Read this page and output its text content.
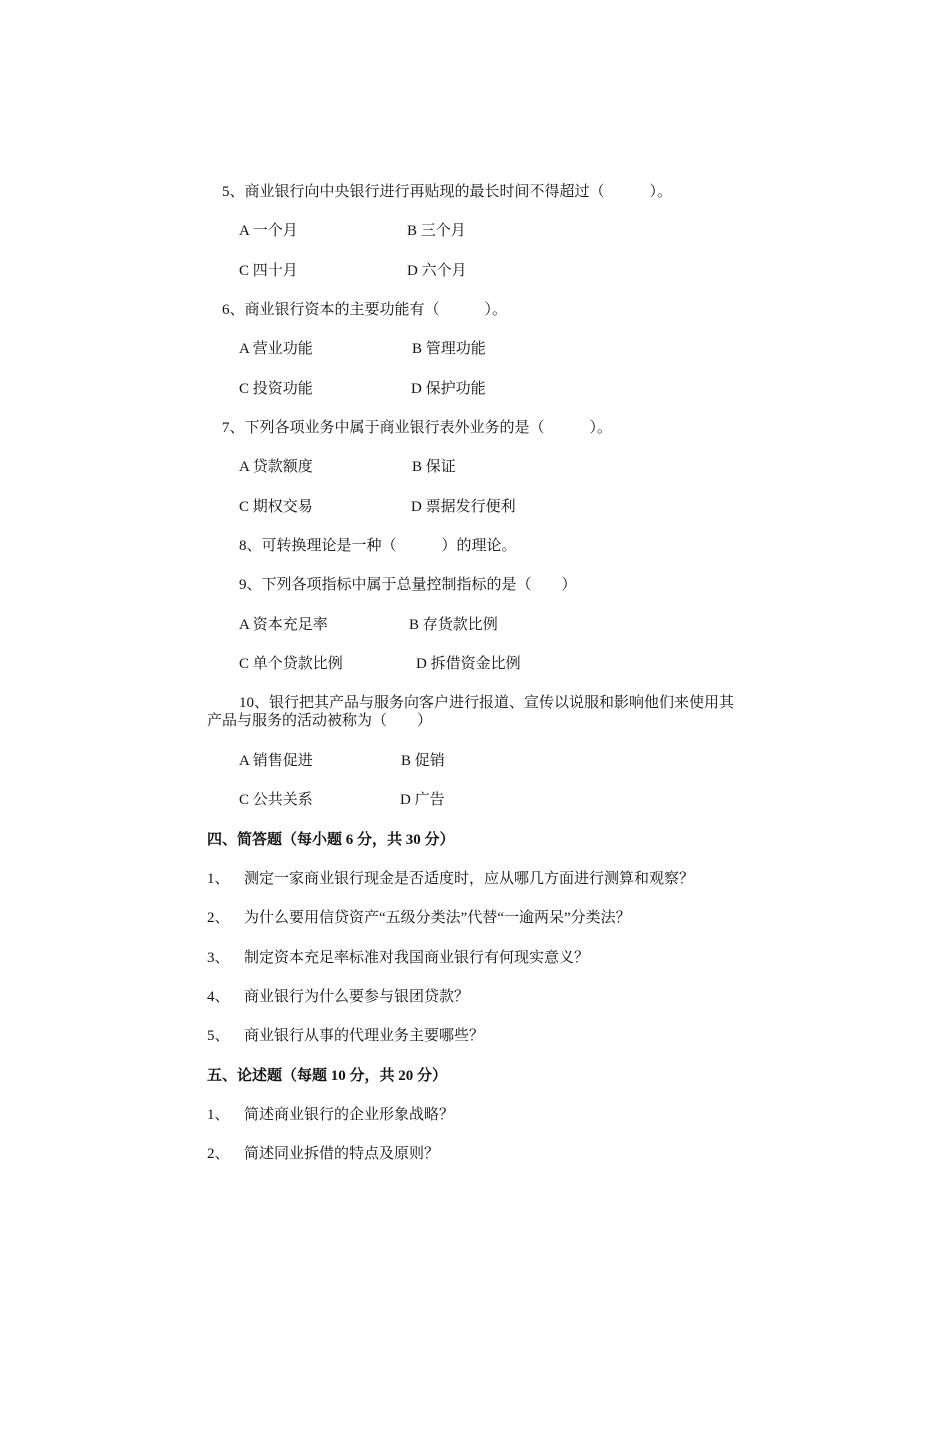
5、商业银行向中央银行进行再贴现的最长时间不得超过（　　　）。
A 一个月	B 三个月
C 四十月	D 六个月
6、商业银行资本的主要功能有（　　　）。
A 营业功能	B 管理功能
C 投资功能	D 保护功能
7、下列各项业务中属于商业银行表外业务的是（　　　）。
A 贷款额度	B 保证
C 期权交易	D 票据发行便利
8、可转换理论是一种（　　　）的理论。
9、下列各项指标中属于总量控制指标的是（　　）
A 资本充足率	B 存货款比例
C 单个贷款比例	D 拆借资金比例
10、银行把其产品与服务向客户进行报道、宣传以说服和影响他们来使用其
产品与服务的活动被称为（　　）
A 销售促进	B 促销
C 公共关系	D 广告
四、简答题（每小题 6 分，共 30 分）
1、 测定一家商业银行现金是否适度时，应从哪几方面进行测算和观察？
2、 为什么要用信贷资产“五级分类法”代替“一逾两呆”分类法？
3、 制定资本充足率标准对我国商业银行有何现实意义？
4、 商业银行为什么要参与银团贷款？
5、 商业银行从事的代理业务主要哪些？
五、论述题（每题 10 分，共 20 分）
1、 简述商业银行的企业形象战略？
2、 简述同业拆借的特点及原则？
